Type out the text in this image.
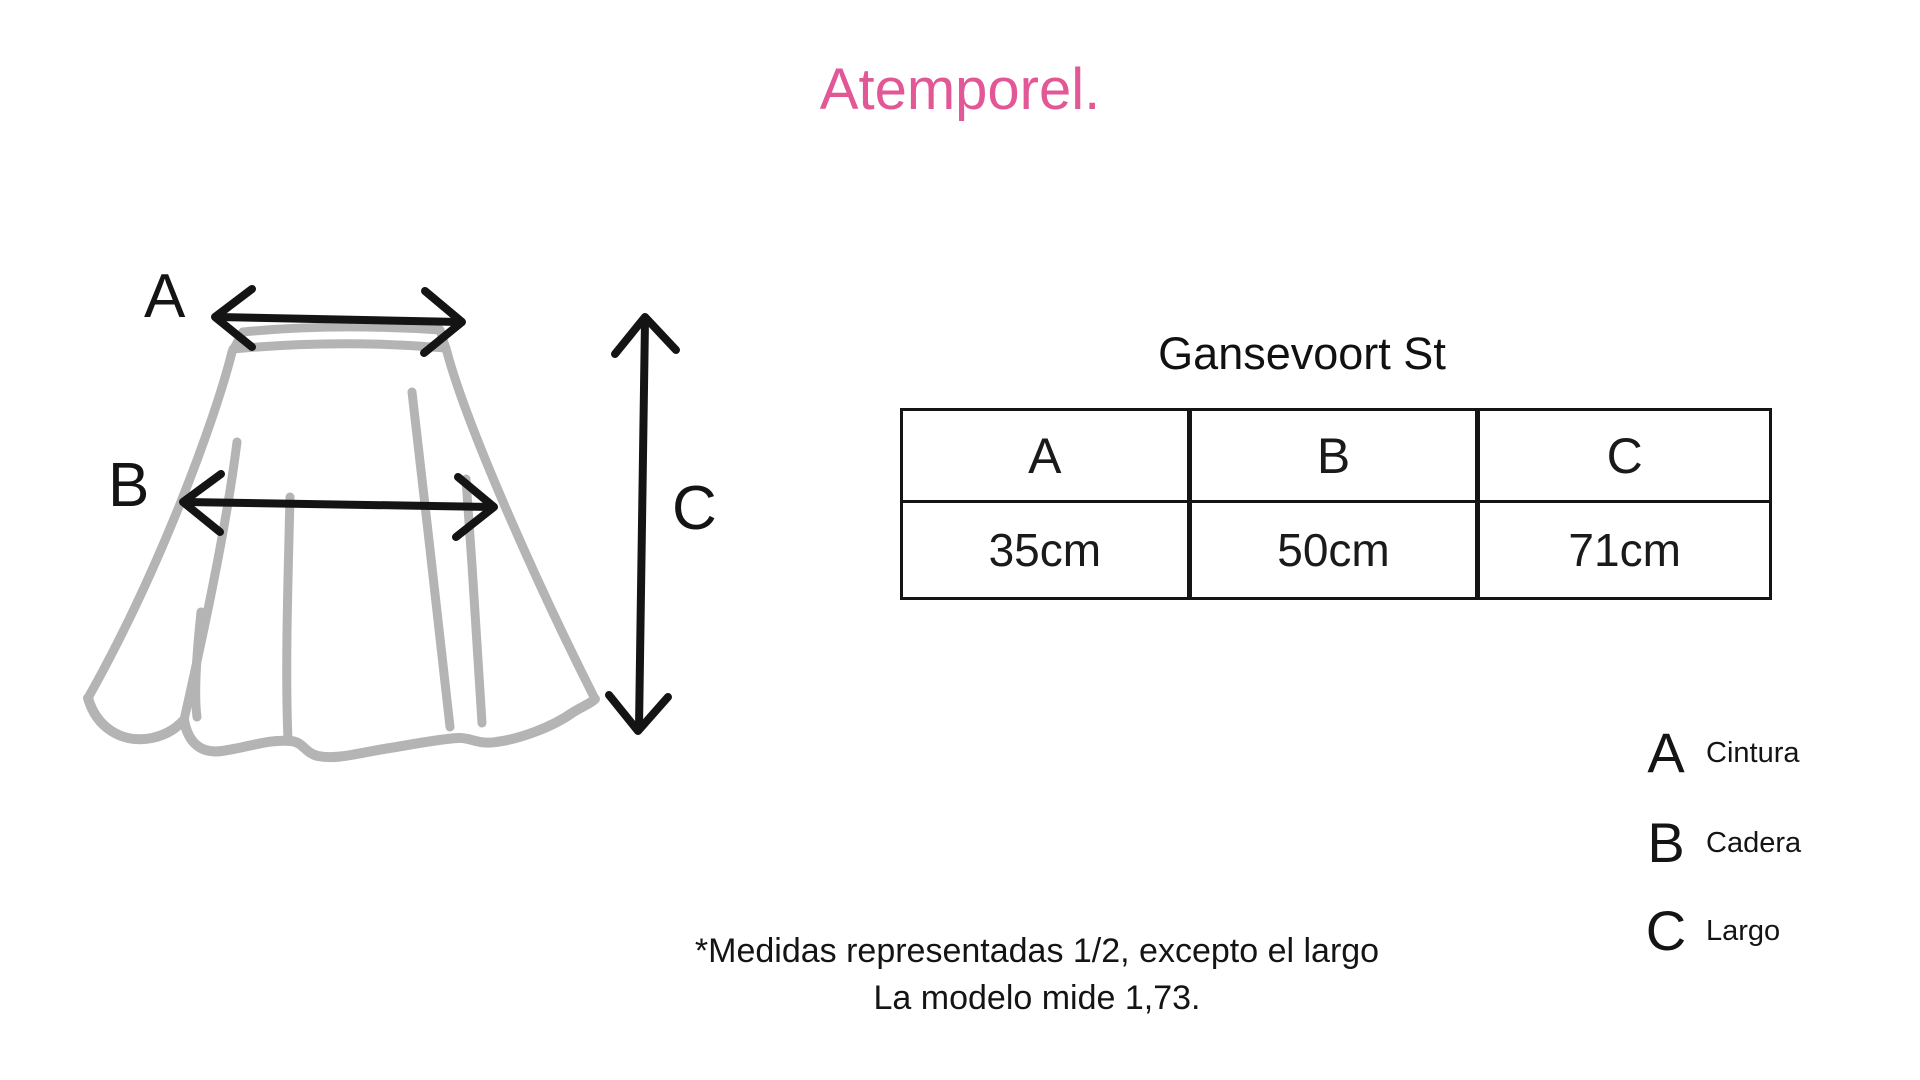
Atemporel.
A
B	C
Gansevoort St
A	B	C
35cm	50cm	71cm
A Cintura
B Cadera
C Largo
*Medidas representadas 1/2, excepto el largo
La modelo mide 1,73.
